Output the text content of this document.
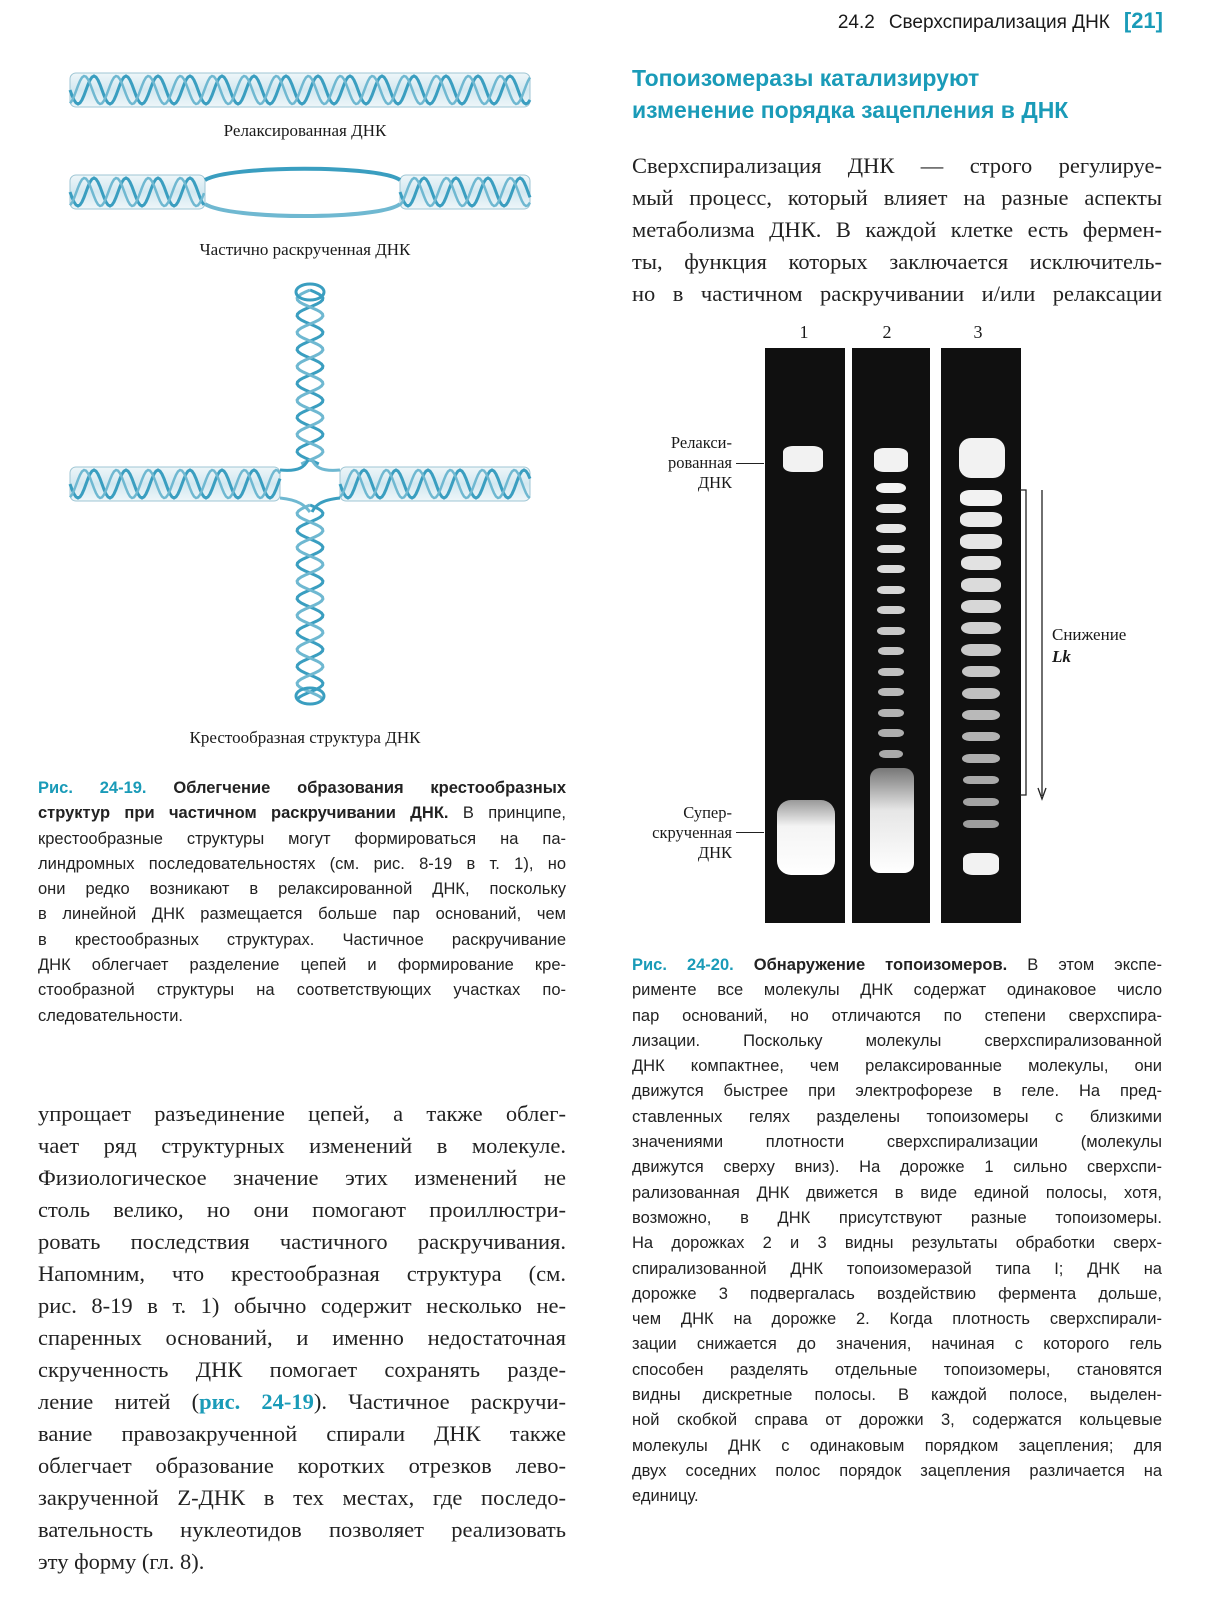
24.2 Сверхспирализация ДНК [21]
Релаксированная ДНК
Частично раскрученная ДНК
Крестообразная структура ДНК
Рис. 24-19. Облегчение образования крестообразных
структур при частичном раскручивании ДНК. В принципе,
крестообразные структуры могут формироваться на па-
линдромных последовательностях (см. рис. 8-19 в т. 1), но
они редко возникают в релаксированной ДНК, поскольку
в линейной ДНК размещается больше пар оснований, чем
в крестообразных структурах. Частичное раскручивание
ДНК облегчает разделение цепей и формирование кре-
стообразной структуры на соответствующих участках по-
следовательности.
упрощает разъединение цепей, а также облег-
чает ряд структурных изменений в молекуле.
Физиологическое значение этих изменений не
столь велико, но они помогают проиллюстри-
ровать последствия частичного раскручивания.
Напомним, что крестообразная структура (см.
рис. 8-19 в т. 1) обычно содержит несколько не-
спаренных оснований, и именно недостаточная
скрученность ДНК помогает сохранять разде-
ление нитей (рис. 24-19). Частичное раскручи-
вание правозакрученной спирали ДНК также
облегчает образование коротких отрезков лево-
закрученной Z-ДНК в тех местах, где последо-
вательность нуклеотидов позволяет реализовать
эту форму (гл. 8).
Топоизомеразы катализируют
изменение порядка зацепления в ДНК
Сверхспирализация ДНК — строго регулируе-
мый процесс, который влияет на разные аспекты
метаболизма ДНК. В каждой клетке есть фермен-
ты, функция которых заключается исключитель-
но в частичном раскручивании и/или релаксации
1	2	3
Релакси-
рованная
ДНК
Супер-
скрученная
ДНК
Снижение
Lk
Рис. 24-20. Обнаружение топоизомеров. В этом экспе-
рименте все молекулы ДНК содержат одинаковое число
пар оснований, но отличаются по степени сверхспира-
лизации. Поскольку молекулы сверхспирализованной
ДНК компактнее, чем релаксированные молекулы, они
движутся быстрее при электрофорезе в геле. На пред-
ставленных гелях разделены топоизомеры с близкими
значениями плотности сверхспирализации (молекулы
движутся сверху вниз). На дорожке 1 сильно сверхспи-
рализованная ДНК движется в виде единой полосы, хотя,
возможно, в ДНК присутствуют разные топоизомеры.
На дорожках 2 и 3 видны результаты обработки сверх-
спирализованной ДНК топоизомеразой типа I; ДНК на
дорожке 3 подвергалась воздействию фермента дольше,
чем ДНК на дорожке 2. Когда плотность сверхспирали-
зации снижается до значения, начиная с которого гель
способен разделять отдельные топоизомеры, становятся
видны дискретные полосы. В каждой полосе, выделен-
ной скобкой справа от дорожки 3, содержатся кольцевые
молекулы ДНК с одинаковым порядком зацепления; для
двух соседних полос порядок зацепления различается на
единицу.
